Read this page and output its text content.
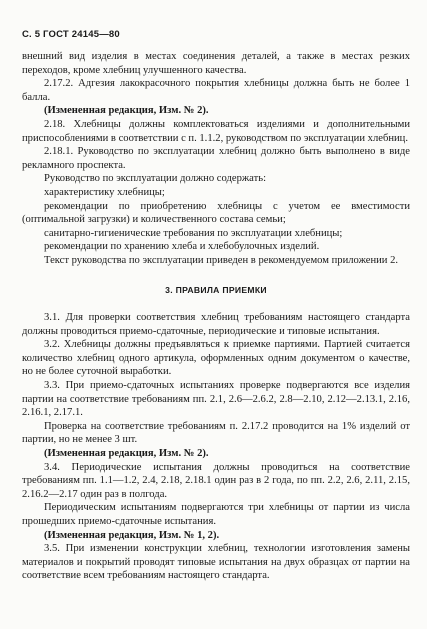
С. 5 ГОСТ 24145—80

внешний вид изделия в местах соединения деталей, а также в местах резких переходов, кроме хлебниц улучшенного качества.

2.17.2. Адгезия лакокрасочного покрытия хлебницы должна быть не более 1 балла.

(Измененная редакция, Изм. № 2).

2.18. Хлебницы должны комплектоваться изделиями и дополнительными приспособлениями в соответствии с п. 1.1.2, руководством по эксплуатации хлебниц.

2.18.1. Руководство по эксплуатации хлебниц должно быть выполнено в виде рекламного проспекта.

Руководство по эксплуатации должно содержать:

характеристику хлебницы;

рекомендации по приобретению хлебницы с учетом ее вместимости (оптимальной загрузки) и количественного состава семьи;

санитарно-гигиенические требования по эксплуатации хлебницы;

рекомендации по хранению хлеба и хлебобулочных изделий.

Текст руководства по эксплуатации приведен в рекомендуемом приложении 2.

3. ПРАВИЛА ПРИЕМКИ

3.1. Для проверки соответствия хлебниц требованиям настоящего стандарта должны проводиться приемо-сдаточные, периодические и типовые испытания.

3.2. Хлебницы должны предъявляться к приемке партиями. Партией считается количество хлебниц одного артикула, оформленных одним документом о качестве, но не более суточной выработки.

3.3. При приемо-сдаточных испытаниях проверке подвергаются все изделия партии на соответствие требованиям пп. 2.1, 2.6—2.6.2, 2.8—2.10, 2.12—2.13.1, 2.16, 2.16.1, 2.17.1.

Проверка на соответствие требованиям п. 2.17.2 проводится на 1% изделий от партии, но не менее 3 шт.

(Измененная редакция, Изм. № 2).

3.4. Периодические испытания должны проводиться на соответствие требованиям пп. 1.1—1.2, 2.4, 2.18, 2.18.1 один раз в 2 года, по пп. 2.2, 2.6, 2.11, 2.15, 2.16.2—2.17 один раз в полгода.

Периодическим испытаниям подвергаются три хлебницы от партии из числа прошедших приемо-сдаточные испытания.

(Измененная редакция, Изм. № 1, 2).

3.5. При изменении конструкции хлебниц, технологии изготовления замены материалов и покрытий проводят типовые испытания на двух образцах от партии на соответствие всем требованиям настоящего стандарта.
